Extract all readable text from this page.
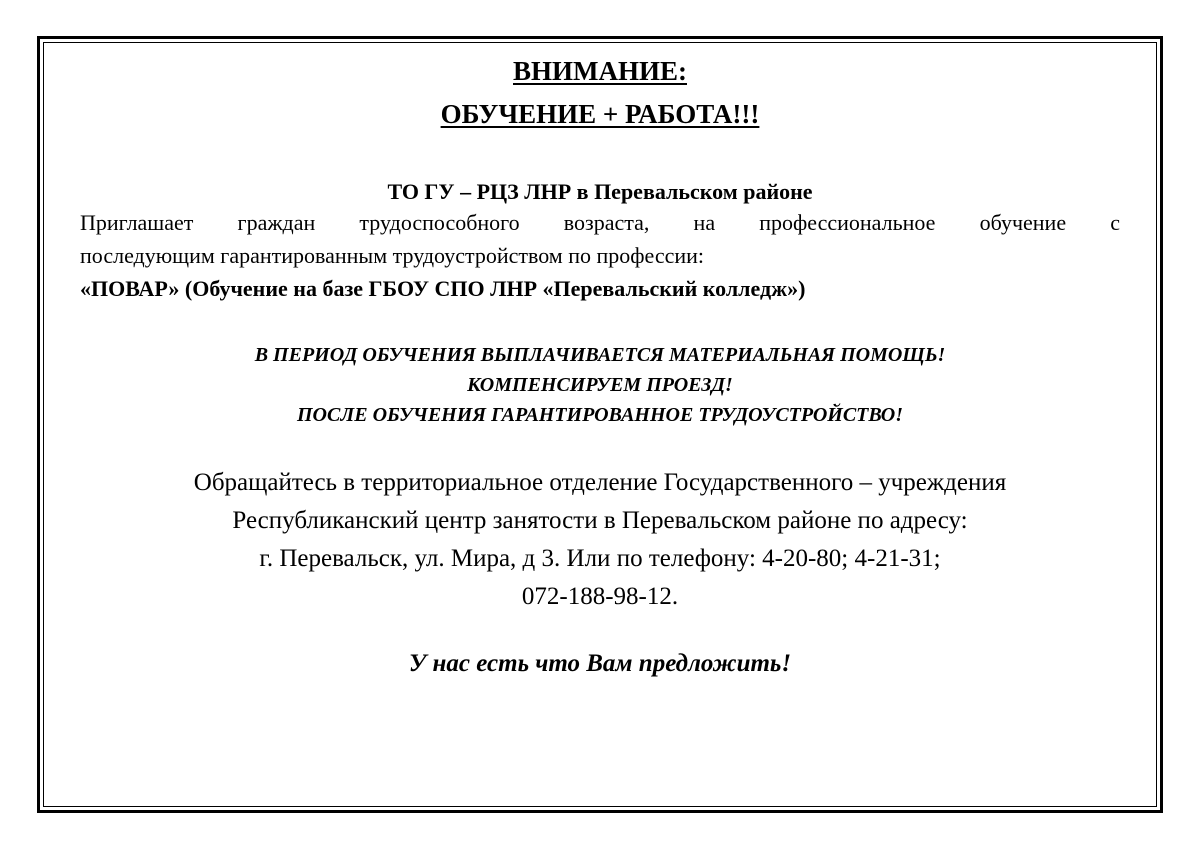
ВНИМАНИЕ:

ОБУЧЕНИЕ + РАБОТА!!!

ТО ГУ – РЦЗ ЛНР в Перевальском районе

Приглашает граждан трудоспособного возраста, на профессиональное обучение с

последующим гарантированным трудоустройством по профессии:

«ПОВАР» (Обучение на базе ГБОУ СПО ЛНР «Перевальский колледж»)

В ПЕРИОД ОБУЧЕНИЯ ВЫПЛАЧИВАЕТСЯ МАТЕРИАЛЬНАЯ ПОМОЩЬ!

КОМПЕНСИРУЕМ ПРОЕЗД!

ПОСЛЕ ОБУЧЕНИЯ ГАРАНТИРОВАННОЕ ТРУДОУСТРОЙСТВО!

Обращайтесь в территориальное отделение Государственного – учреждения

Республиканский центр занятости в Перевальском районе по адресу:

г. Перевальск, ул. Мира, д 3. Или по телефону: 4-20-80; 4-21-31;

072-188-98-12.

У нас есть что Вам предложить!
